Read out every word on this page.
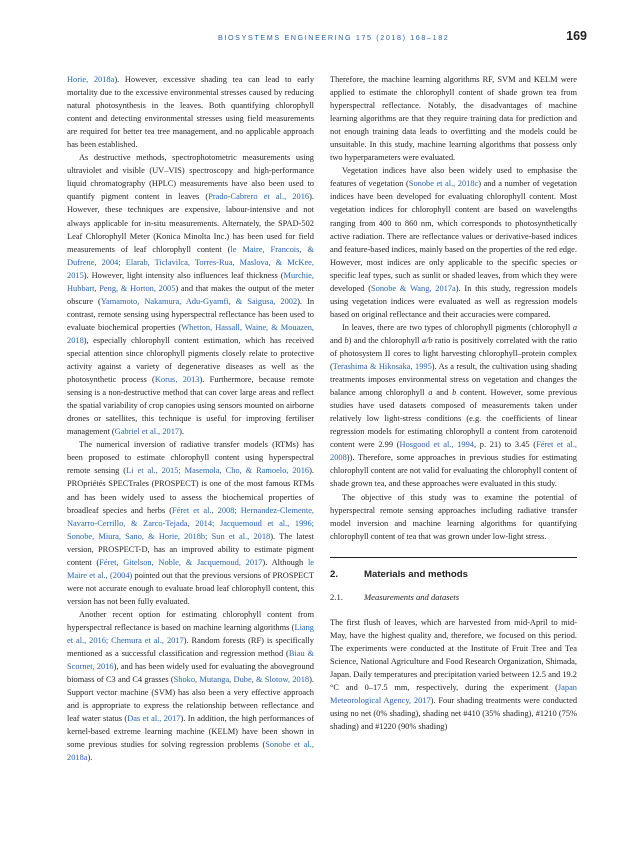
BIOSYSTEMS ENGINEERING 175 (2018) 168–182	169

Horie, 2018a). However, excessive shading tea can lead to early mortality due to the excessive environmental stresses caused by reducing natural photosynthesis in the leaves. Both quantifying chlorophyll content and detecting environmental stresses using field measurements are required for better tea tree management, and no applicable approach has been established.

As destructive methods, spectrophotometric measurements using ultraviolet and visible (UV–VIS) spectroscopy and high-performance liquid chromatography (HPLC) measurements have also been used to quantify pigment content in leaves (Prado-Cabrero et al., 2016). However, these techniques are expensive, labour-intensive and not always applicable for in-situ measurements. Alternately, the SPAD-502 Leaf Chlorophyll Meter (Konica Minolta Inc.) has been used for field measurements of leaf chlorophyll content (le Maire, Francois, & Dufrene, 2004; Elarab, Ticlavilca, Torres-Rua, Maslova, & McKee, 2015). However, light intensity also influences leaf thickness (Murchie, Hubbart, Peng, & Horton, 2005) and that makes the output of the meter obscure (Yamamoto, Nakamura, Adu-Gyamfi, & Saigusa, 2002). In contrast, remote sensing using hyperspectral reflectance has been used to evaluate biochemical properties (Whetton, Hassall, Waine, & Mouazen, 2018), especially chlorophyll content estimation, which has received special attention since chlorophyll pigments closely relate to protective activity against a variety of degenerative diseases as well as the photosynthetic process (Korus, 2013). Furthermore, because remote sensing is a non-destructive method that can cover large areas and reflect the spatial variability of crop canopies using sensors mounted on airborne drones or satellites, this technique is useful for improving fertiliser management (Gabriel et al., 2017).

The numerical inversion of radiative transfer models (RTMs) has been proposed to estimate chlorophyll content using hyperspectral remote sensing (Li et al., 2015; Masemola, Cho, & Ramoelo, 2016). PROpriétés SPECTrales (PROSPECT) is one of the most famous RTMs and has been widely used to assess the biochemical properties of broadleaf species and herbs (Féret et al., 2008; Hernandez-Clemente, Navarro-Cerrillo, & Zarco-Tejada, 2014; Jacquemoud et al., 1996; Sonobe, Miura, Sano, & Horie, 2018b; Sun et al., 2018). The latest version, PROSPECT-D, has an improved ability to estimate pigment content (Féret, Gitelson, Noble, & Jacquemoud, 2017). Although le Maire et al., (2004) pointed out that the previous versions of PROSPECT were not accurate enough to evaluate broad leaf chlorophyll content, this version has not been fully evaluated.

Another recent option for estimating chlorophyll content from hyperspectral reflectance is based on machine learning algorithms (Liang et al., 2016; Chemura et al., 2017). Random forests (RF) is specifically mentioned as a successful classification and regression method (Biau & Scornet, 2016), and has been widely used for evaluating the aboveground biomass of C3 and C4 grasses (Shoko, Mutanga, Dube, & Slotow, 2018). Support vector machine (SVM) has also been a very effective approach and is appropriate to express the relationship between reflectance and leaf water status (Das et al., 2017). In addition, the high performances of kernel-based extreme learning machine (KELM) have been shown in some previous studies for solving regression problems (Sonobe et al., 2018a).

Therefore, the machine learning algorithms RF, SVM and KELM were applied to estimate the chlorophyll content of shade grown tea from hyperspectral reflectance. Notably, the disadvantages of machine learning algorithms are that they require training data for prediction and not enough training data leads to overfitting and the models could be unsuitable. In this study, machine learning algorithms that possess only two hyperparameters were evaluated.

Vegetation indices have also been widely used to emphasise the features of vegetation (Sonobe et al., 2018c) and a number of vegetation indices have been developed for evaluating chlorophyll content. Most vegetation indices for chlorophyll content are based on wavelengths ranging from 400 to 860 nm, which corresponds to photosynthetically active radiation. There are reflectance values or derivative-based indices and feature-based indices, mainly based on the properties of the red edge. However, most indices are only applicable to the specific species or specific leaf types, such as sunlit or shaded leaves, from which they were developed (Sonobe & Wang, 2017a). In this study, regression models using vegetation indices were evaluated as well as regression models based on original reflectance and their accuracies were compared.

In leaves, there are two types of chlorophyll pigments (chlorophyll a and b) and the chlorophyll a/b ratio is positively correlated with the ratio of photosystem II cores to light harvesting chlorophyll–protein complex (Terashima & Hikosaka, 1995). As a result, the cultivation using shading treatments imposes environmental stress on vegetation and changes the balance among chlorophyll a and b content. However, some previous studies have used datasets composed of measurements taken under relatively low light-stress conditions (e.g. the coefficients of linear regression models for estimating chlorophyll a content from carotenoid content were 2.99 (Hosgood et al., 1994, p. 21) to 3.45 (Féret et al., 2008)). Therefore, some approaches in previous studies for estimating chlorophyll content are not valid for evaluating the chlorophyll content of shade grown tea, and these approaches were evaluated in this study.

The objective of this study was to examine the potential of hyperspectral remote sensing approaches including radiative transfer model inversion and machine learning algorithms for quantifying chlorophyll content of tea that was grown under low-light stress.

2.	Materials and methods
2.1.	Measurements and datasets

The first flush of leaves, which are harvested from mid-April to mid-May, have the highest quality and, therefore, we focused on this period. The experiments were conducted at the Institute of Fruit Tree and Tea Science, National Agriculture and Food Research Organization, Shimada, Japan. Daily temperatures and precipitation varied between 12.5 and 19.2 °C and 0–17.5 mm, respectively, during the experiment (Japan Meteorological Agency, 2017). Four shading treatments were conducted using no net (0% shading), shading net #410 (35% shading), #1210 (75% shading) and #1220 (90% shading)
